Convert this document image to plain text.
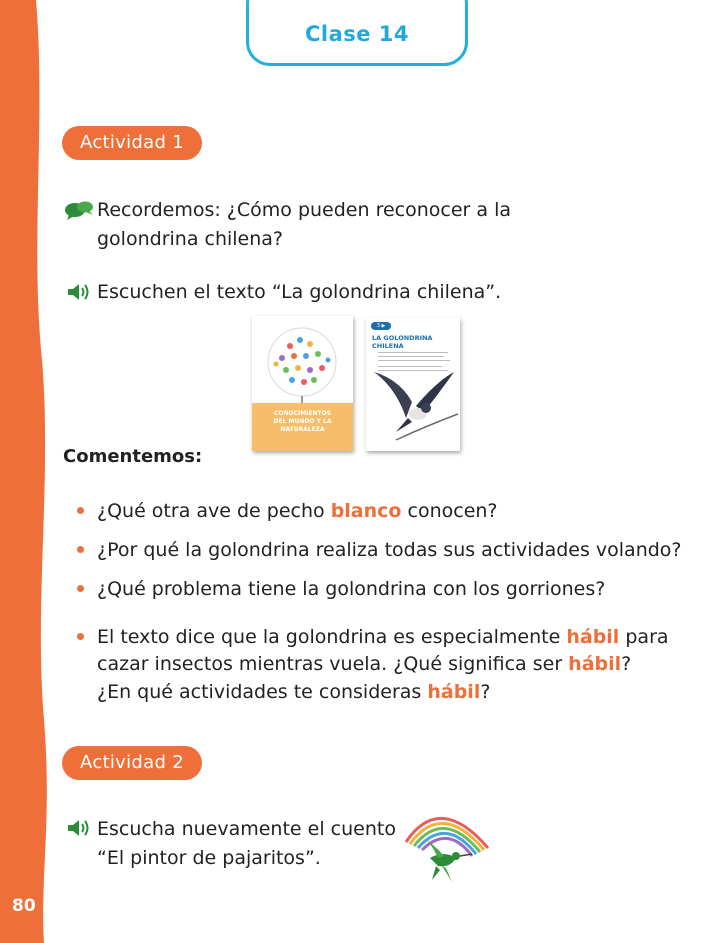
80
Clase 14
Actividad 1
Recordemos: ¿Cómo pueden reconocer a la
golondrina chilena?
Escuchen el texto “La golondrina chilena”.
CONOCIMIENTOS
DEL MUNDO Y LA NATURALEZA
3 ▶
LA GOLONDRINA CHILENA
Comentemos:
¿Qué otra ave de pecho blanco conocen?
¿Por qué la golondrina realiza todas sus actividades volando?
¿Qué problema tiene la golondrina con los gorriones?
El texto dice que la golondrina es especialmente hábil para
cazar insectos mientras vuela. ¿Qué significa ser hábil?
¿En qué actividades te consideras hábil?
Actividad 2
Escucha nuevamente el cuento
“El pintor de pajaritos”.
